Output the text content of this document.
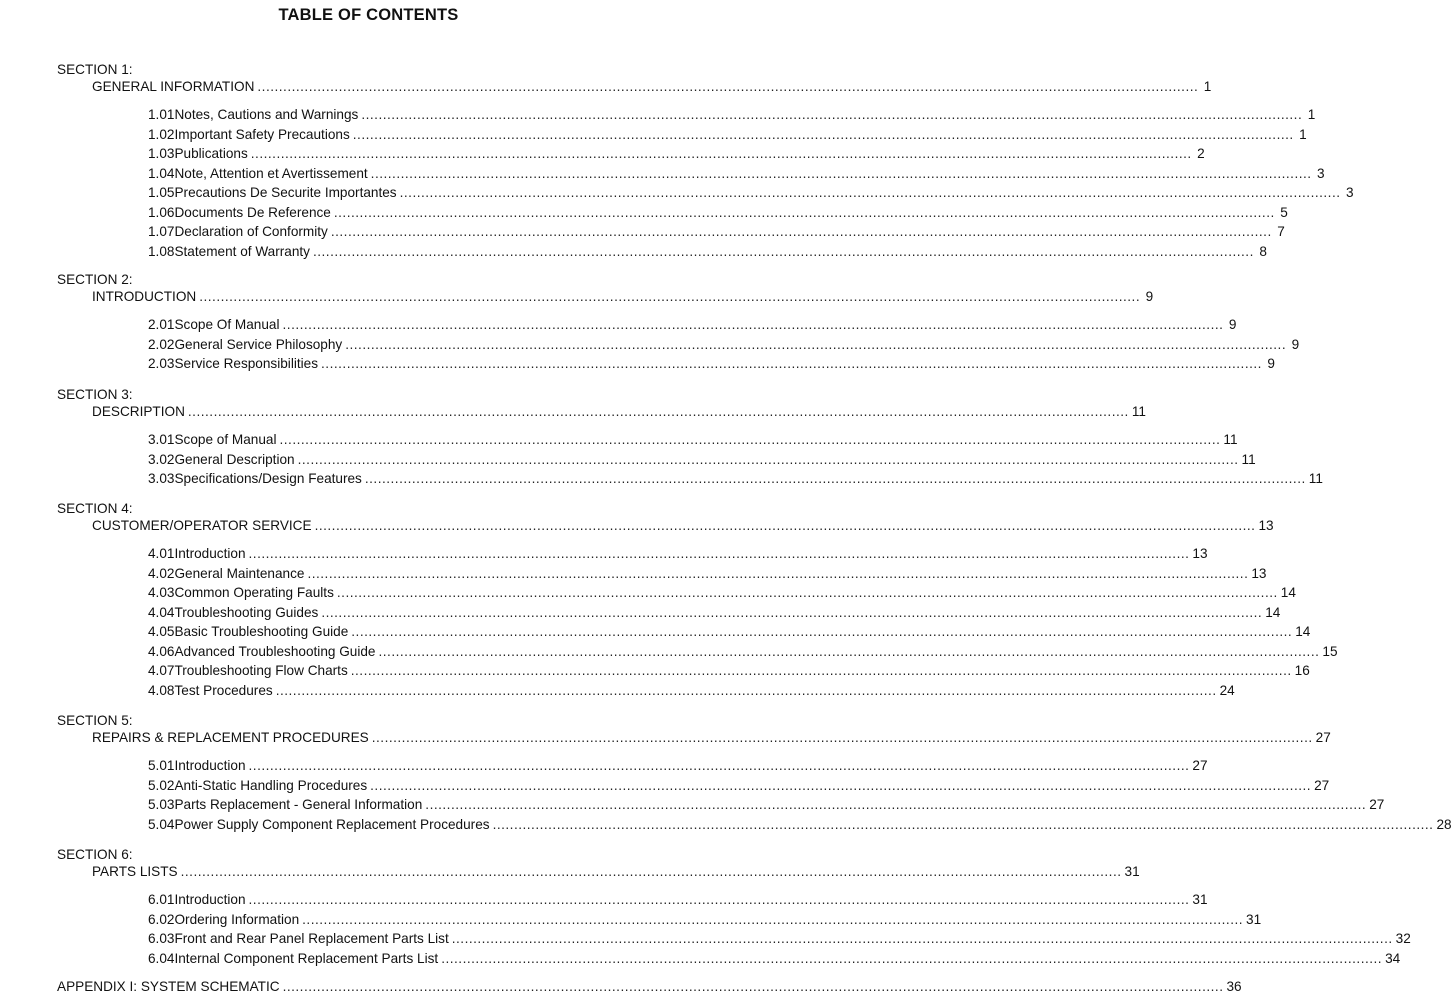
TABLE OF CONTENTS
SECTION 1:
GENERAL INFORMATION ............................................................................................................................................................................................................................ 1
1.01 Notes, Cautions and Warnings ............................................................................................................................................................................................................................ 1
1.02 Important Safety Precautions ............................................................................................................................................................................................................................ 1
1.03 Publications ............................................................................................................................................................................................................................ 2
1.04 Note, Attention et Avertissement ............................................................................................................................................................................................................................ 3
1.05 Precautions De Securite Importantes ............................................................................................................................................................................................................................ 3
1.06 Documents De Reference ............................................................................................................................................................................................................................ 5
1.07 Declaration of Conformity ............................................................................................................................................................................................................................ 7
1.08 Statement of Warranty ............................................................................................................................................................................................................................ 8
SECTION 2:
INTRODUCTION ............................................................................................................................................................................................................................ 9
2.01 Scope Of Manual ............................................................................................................................................................................................................................ 9
2.02 General Service Philosophy ............................................................................................................................................................................................................................ 9
2.03 Service Responsibilities ............................................................................................................................................................................................................................ 9
SECTION 3:
DESCRIPTION ............................................................................................................................................................................................................................ 11
3.01 Scope of Manual ............................................................................................................................................................................................................................ 11
3.02 General Description ............................................................................................................................................................................................................................ 11
3.03 Specifications/Design Features ............................................................................................................................................................................................................................ 11
SECTION 4:
CUSTOMER/OPERATOR SERVICE ............................................................................................................................................................................................................................ 13
4.01 Introduction ............................................................................................................................................................................................................................ 13
4.02 General Maintenance ............................................................................................................................................................................................................................ 13
4.03 Common Operating Faults ............................................................................................................................................................................................................................ 14
4.04 Troubleshooting Guides ............................................................................................................................................................................................................................ 14
4.05 Basic Troubleshooting Guide ............................................................................................................................................................................................................................ 14
4.06 Advanced Troubleshooting Guide ............................................................................................................................................................................................................................ 15
4.07 Troubleshooting Flow Charts ............................................................................................................................................................................................................................ 16
4.08 Test Procedures ............................................................................................................................................................................................................................ 24
SECTION 5:
REPAIRS & REPLACEMENT PROCEDURES ............................................................................................................................................................................................................................ 27
5.01 Introduction ............................................................................................................................................................................................................................ 27
5.02 Anti-Static Handling Procedures ............................................................................................................................................................................................................................ 27
5.03 Parts Replacement - General Information ............................................................................................................................................................................................................................ 27
5.04 Power Supply Component Replacement Procedures ............................................................................................................................................................................................................................ 28
SECTION 6:
PARTS LISTS ............................................................................................................................................................................................................................ 31
6.01 Introduction ............................................................................................................................................................................................................................ 31
6.02 Ordering Information ............................................................................................................................................................................................................................ 31
6.03 Front and Rear Panel Replacement Parts List ............................................................................................................................................................................................................................ 32
6.04 Internal Component Replacement Parts List ............................................................................................................................................................................................................................ 34
APPENDIX I: SYSTEM SCHEMATIC ............................................................................................................................................................................................................................ 36
